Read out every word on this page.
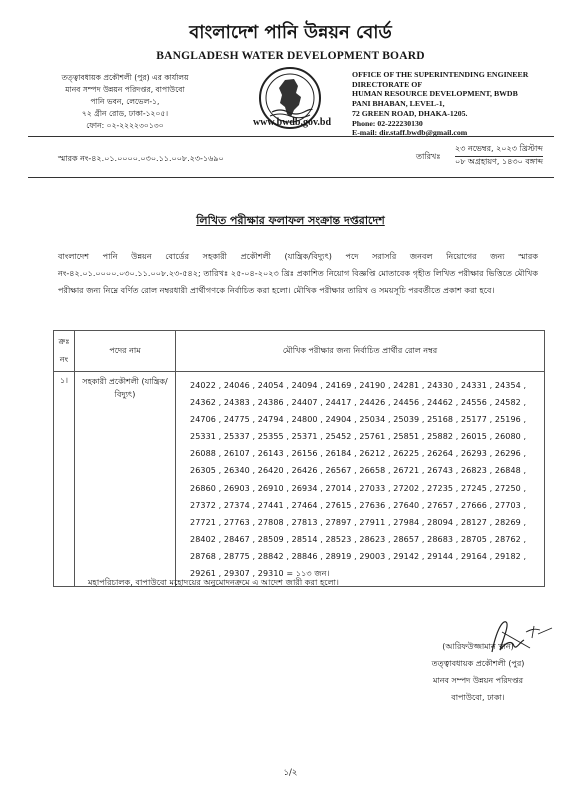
বাংলাদেশ পানি উন্নয়ন বোর্ড
BANGLADESH WATER DEVELOPMENT BOARD
তত্ত্বাবধায়ক প্রকৌশলী (পুর) এর কার্যালয়
মানব সম্পদ উন্নয়ন পরিদপ্তর, বাপাউবো
পানি ভবন, লেভেল-১,
৭২ গ্রীন রোড, ঢাকা-১২০৫।
ফোন: ০২-২২২২৩০১৩০	www.bwdb.gov.bd
OFFICE OF THE SUPERINTENDING ENGINEER
DIRECTORATE OF
HUMAN RESOURCE DEVELOPMENT, BWDB
PANI BHABAN, LEVEL-1,
72 GREEN ROAD, DHAKA-1205.
Phone: 02-222230130
E-mail: dir.staff.bwdb@gmail.com
স্মারক নং-৪২.০১.০০০০.০৩০.১১.০০৮.২৩-১৬৯০	তারিখঃ
২৩ নভেম্বর, ২০২৩ খ্রিস্টাব্দ
০৮ অগ্রহায়ণ, ১৪৩০ বঙ্গাব্দ
লিখিত পরীক্ষার ফলাফল সংক্রান্ত দপ্তরাদেশ
বাংলাদেশ পানি উন্নয়ন বোর্ডের সহকারী প্রকৌশলী (যান্ত্রিক/বিদ্যুৎ) পদে সরাসরি জনবল নিয়োগের জন্য স্মারক নং-৪২.০১.০০০০.০৩০.১১.০০৮.২৩-৫৪২; তারিখঃ ২৫-০৪-২০২৩ খ্রিঃ প্রকাশিত নিয়োগ বিজ্ঞপ্তি মোতাবেক গৃহীত লিখিত পরীক্ষার ভিত্তিতে মৌখিক পরীক্ষার জন্য নিম্নে বর্ণিত রোল নম্বরধারী প্রার্থীগণকে নির্বাচিত করা হলো। মৌখিক পরীক্ষার তারিখ ও সময়সূচি পরবর্তীতে প্রকাশ করা হবে।
ক্রঃ নং	পদের নাম	মৌখিক পরীক্ষার জন্য নির্বাচিত প্রার্থীর রোল নম্বর
১।	সহকারী প্রকৌশলী (যান্ত্রিক/বিদ্যুৎ)	24022 , 24046 , 24054 , 24094 , 24169 , 24190 , 24281 , 24330 , 24331 , 24354 , 24362 , 24383 , 24386 , 24407 , 24417 , 24426 , 24456 , 24462 , 24556 , 24582 , 24706 , 24775 , 24794 , 24800 , 24904 , 25034 , 25039 , 25168 , 25177 , 25196 , 25331 , 25337 , 25355 , 25371 , 25452 , 25761 , 25851 , 25882 , 26015 , 26080 , 26088 , 26107 , 26143 , 26156 , 26184 , 26212 , 26225 , 26264 , 26293 , 26296 , 26305 , 26340 , 26420 , 26426 , 26567 , 26658 , 26721 , 26743 , 26823 , 26848 , 26860 , 26903 , 26910 , 26934 , 27014 , 27033 , 27202 , 27235 , 27245 , 27250 , 27372 , 27374 , 27441 , 27464 , 27615 , 27636 , 27640 , 27657 , 27666 , 27703 , 27721 , 27763 , 27808 , 27813 , 27897 , 27911 , 27984 , 28094 , 28127 , 28269 , 28402 , 28467 , 28509 , 28514 , 28523 , 28623 , 28657 , 28683 , 28705 , 28762 , 28768 , 28775 , 28842 , 28846 , 28919 , 29003 , 29142 , 29144 , 29164 , 29182 , 29261 , 29307 , 29310 = ১১৩ জন।
মহাপরিচালক, বাপাউবো মহোদয়ের অনুমোদনক্রমে এ আদেশ জারী করা হলো।
(আরিফউজ্জামান খান)
তত্ত্বাবধায়ক প্রকৌশলী (পুর)
মানব সম্পদ উন্নয়ন পরিদপ্তর
বাপাউবো, ঢাকা।
১/২
